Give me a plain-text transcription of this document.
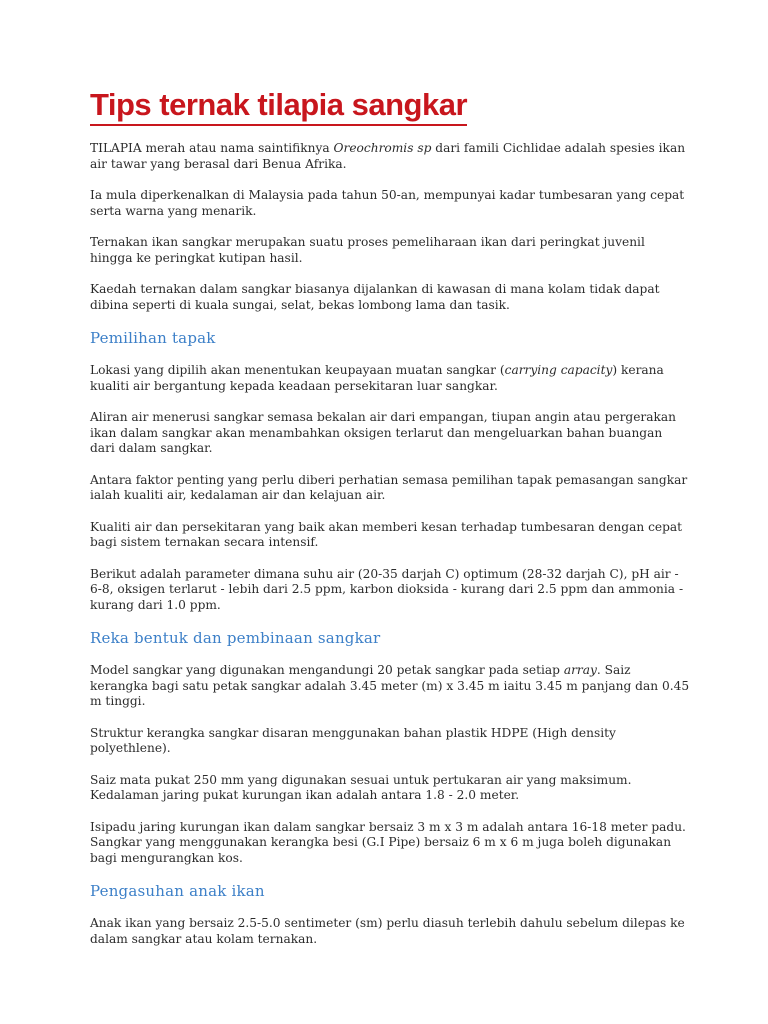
Tips ternak tilapia sangkar

TILAPIA merah atau nama saintifiknya Oreochromis sp dari famili Cichlidae adalah spesies ikan air tawar yang berasal dari Benua Afrika.

Ia mula diperkenalkan di Malaysia pada tahun 50-an, mempunyai kadar tumbesaran yang cepat serta warna yang menarik.

Ternakan ikan sangkar merupakan suatu proses pemeliharaan ikan dari peringkat juvenil hingga ke peringkat kutipan hasil.

Kaedah ternakan dalam sangkar biasanya dijalankan di kawasan di mana kolam tidak dapat dibina seperti di kuala sungai, selat, bekas lombong lama dan tasik.

Pemilihan tapak

Lokasi yang dipilih akan menentukan keupayaan muatan sangkar (carrying capacity) kerana kualiti air bergantung kepada keadaan persekitaran luar sangkar.

Aliran air menerusi sangkar semasa bekalan air dari empangan, tiupan angin atau pergerakan ikan dalam sangkar akan menambahkan oksigen terlarut dan mengeluarkan bahan buangan dari dalam sangkar.

Antara faktor penting yang perlu diberi perhatian semasa pemilihan tapak pemasangan sangkar ialah kualiti air, kedalaman air dan kelajuan air.

Kualiti air dan persekitaran yang baik akan memberi kesan terhadap tumbesaran dengan cepat bagi sistem ternakan secara intensif.

Berikut adalah parameter dimana suhu air (20-35 darjah C) optimum (28-32 darjah C), pH air - 6-8, oksigen terlarut - lebih dari 2.5 ppm, karbon dioksida - kurang dari 2.5 ppm dan ammonia - kurang dari 1.0 ppm.

Reka bentuk dan pembinaan sangkar

Model sangkar yang digunakan mengandungi 20 petak sangkar pada setiap array. Saiz kerangka bagi satu petak sangkar adalah 3.45 meter (m) x 3.45 m iaitu 3.45 m panjang dan 0.45 m tinggi.

Struktur kerangka sangkar disaran menggunakan bahan plastik HDPE (High density polyethlene).

Saiz mata pukat 250 mm yang digunakan sesuai untuk pertukaran air yang maksimum. Kedalaman jaring pukat kurungan ikan adalah antara 1.8 - 2.0 meter.

Isipadu jaring kurungan ikan dalam sangkar bersaiz 3 m x 3 m adalah antara 16-18 meter padu. Sangkar yang menggunakan kerangka besi (G.I Pipe) bersaiz 6 m x 6 m juga boleh digunakan bagi mengurangkan kos.

Pengasuhan anak ikan

Anak ikan yang bersaiz 2.5-5.0 sentimeter (sm) perlu diasuh terlebih dahulu sebelum dilepas ke dalam sangkar atau kolam ternakan.
